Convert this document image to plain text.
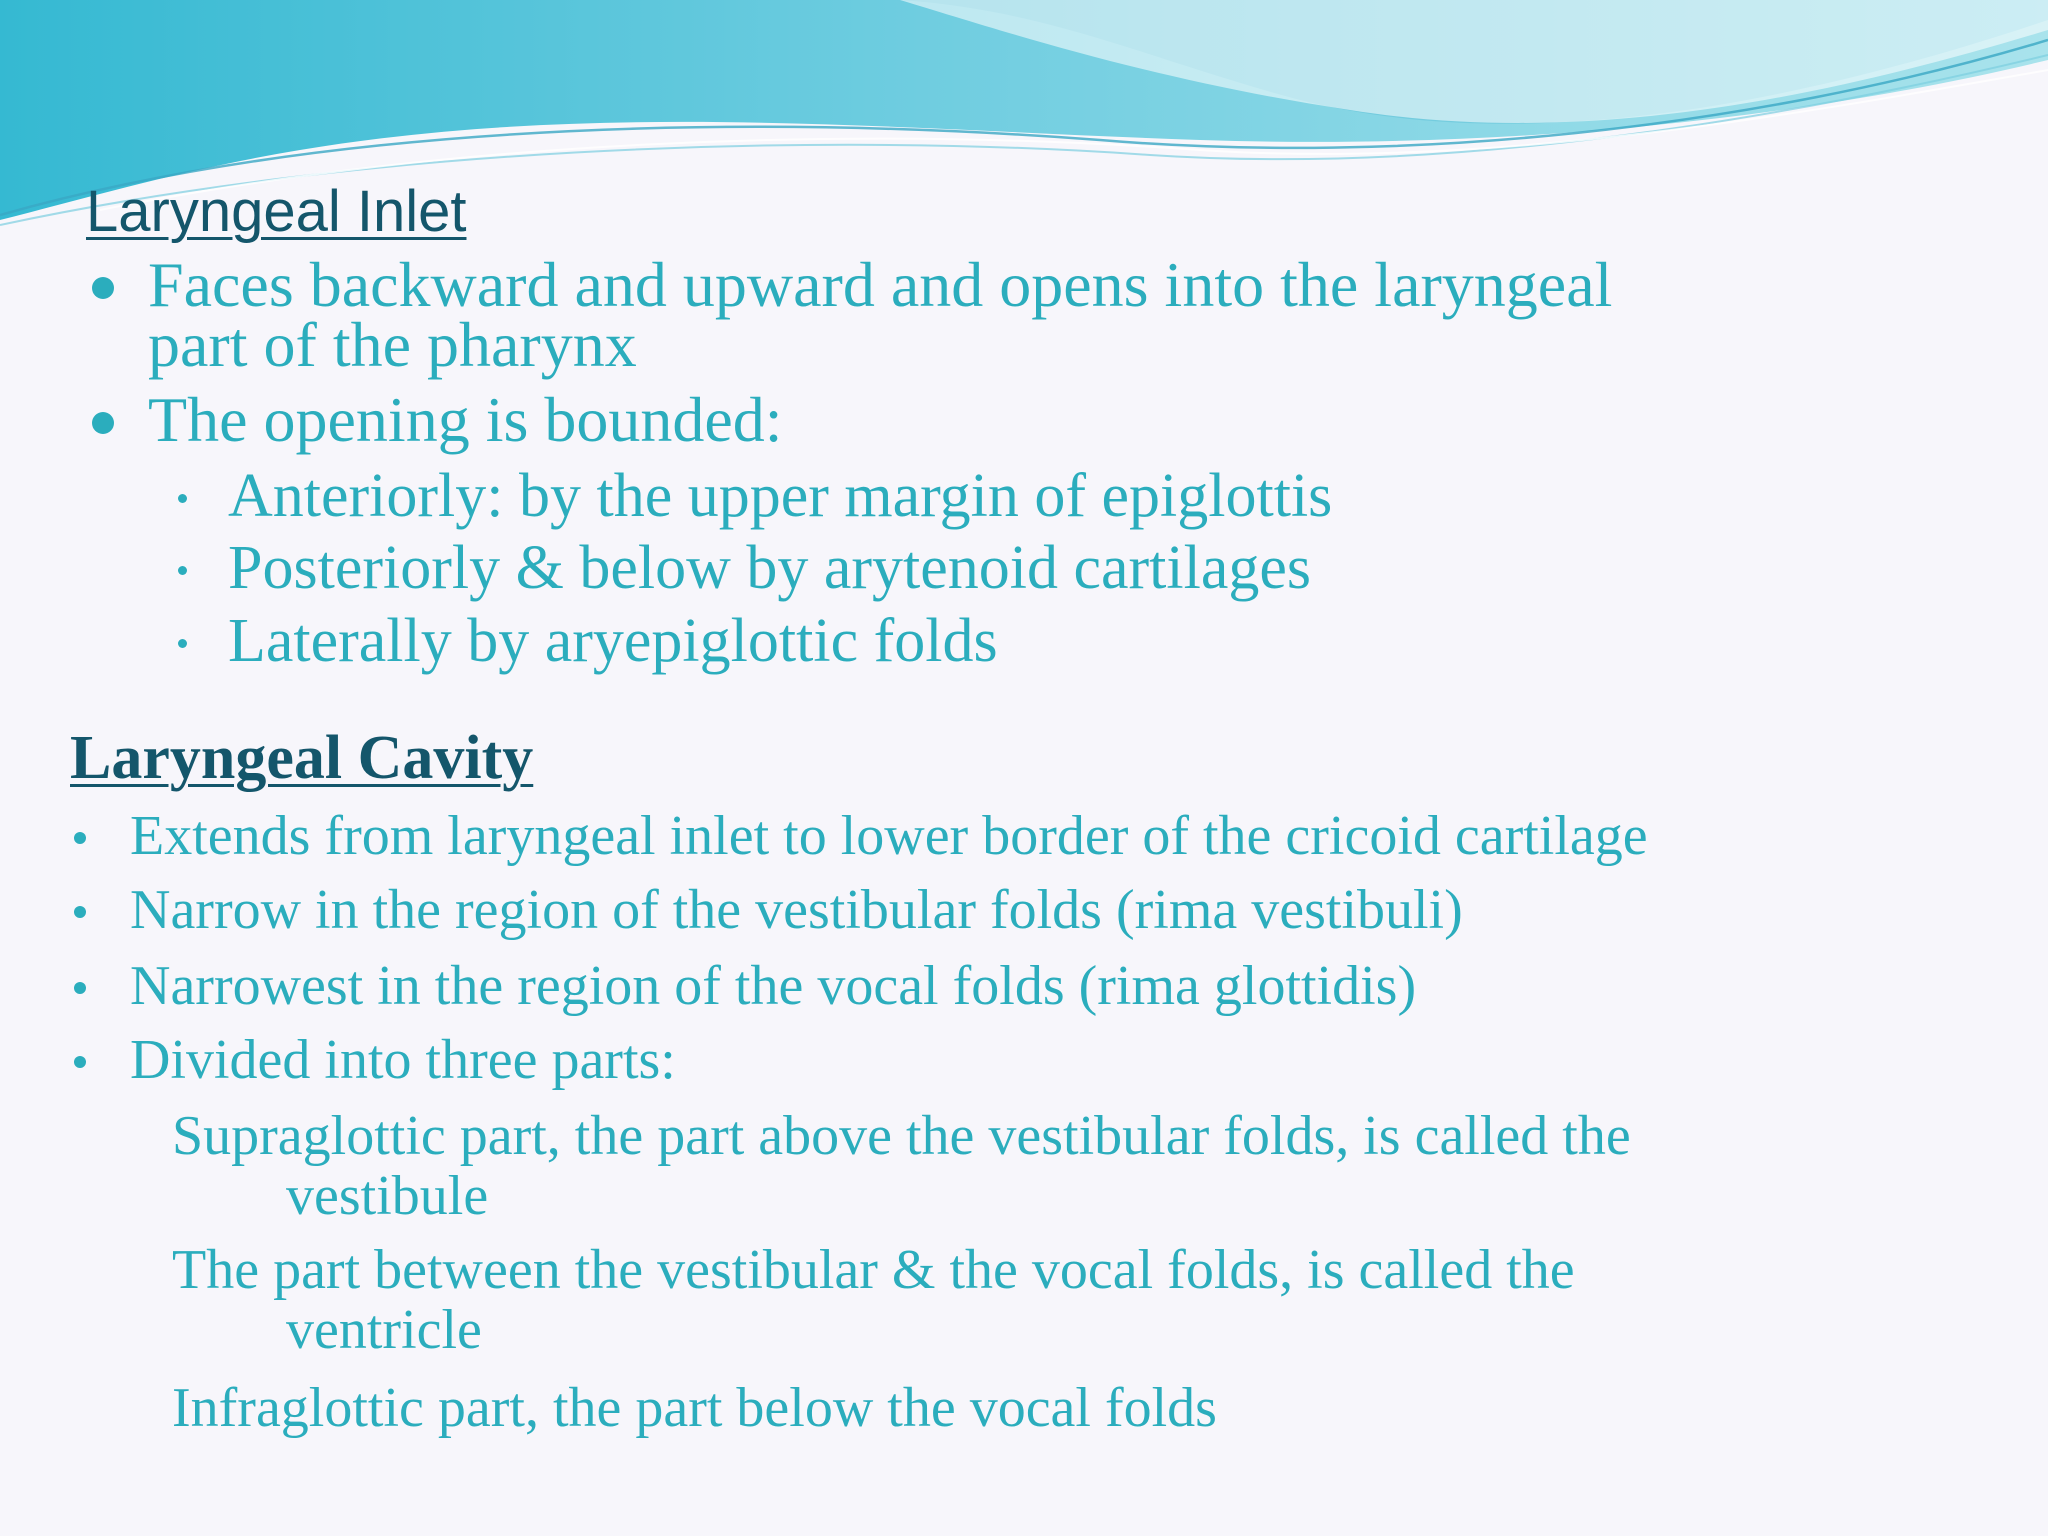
Laryngeal Inlet
Faces backward and upward and opens into the laryngeal
part of the pharynx
The opening is bounded:
Anteriorly: by the upper margin of epiglottis
Posteriorly & below by arytenoid cartilages
Laterally by aryepiglottic folds
Laryngeal Cavity
Extends from laryngeal inlet to lower border of the cricoid cartilage
Narrow in the region of the vestibular folds (rima vestibuli)
Narrowest in the region of the vocal folds (rima glottidis)
Divided into three parts:
Supraglottic part, the part above the vestibular folds, is called the
vestibule
The part between the vestibular & the vocal folds, is called the
ventricle
Infraglottic part, the part below the vocal folds
